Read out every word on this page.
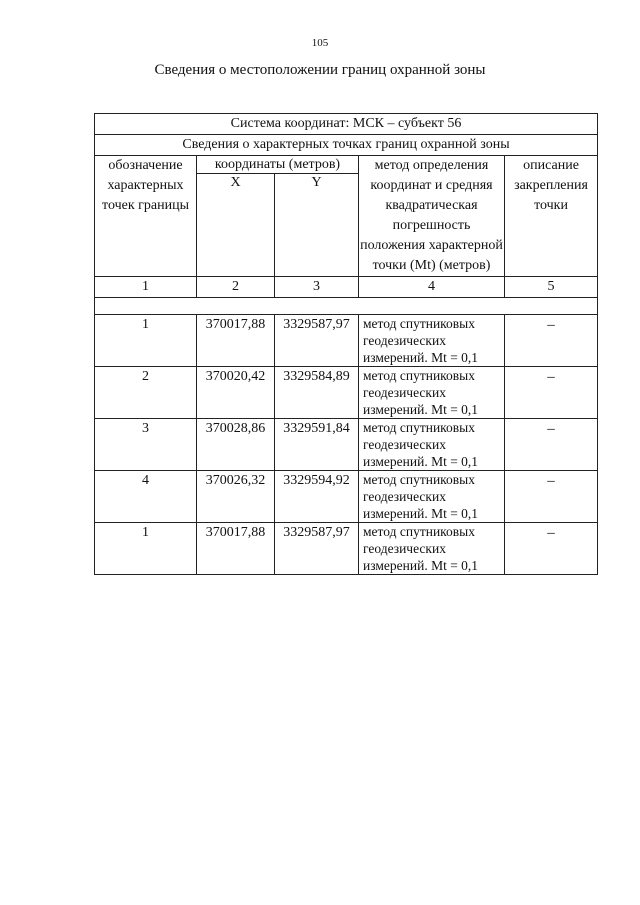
105
Сведения о местоположении границ охранной зоны
Система координат: МСК – субъект 56				
Сведения о характерных точках границ охранной зоны				
обозначение характерных точек границы	координаты (метров)		метод определения координат и средняя квадратическая погрешность положения характерной точки (Mt) (метров)	описание закрепления точки
	X	Y		
1	2	3	4	5

1	370017,88	3329587,97	метод спутниковых геодезических измерений. Mt = 0,1	–
2	370020,42	3329584,89	метод спутниковых геодезических измерений. Mt = 0,1	–
3	370028,86	3329591,84	метод спутниковых геодезических измерений. Mt = 0,1	–
4	370026,32	3329594,92	метод спутниковых геодезических измерений. Mt = 0,1	–
1	370017,88	3329587,97	метод спутниковых геодезических измерений. Mt = 0,1	–
